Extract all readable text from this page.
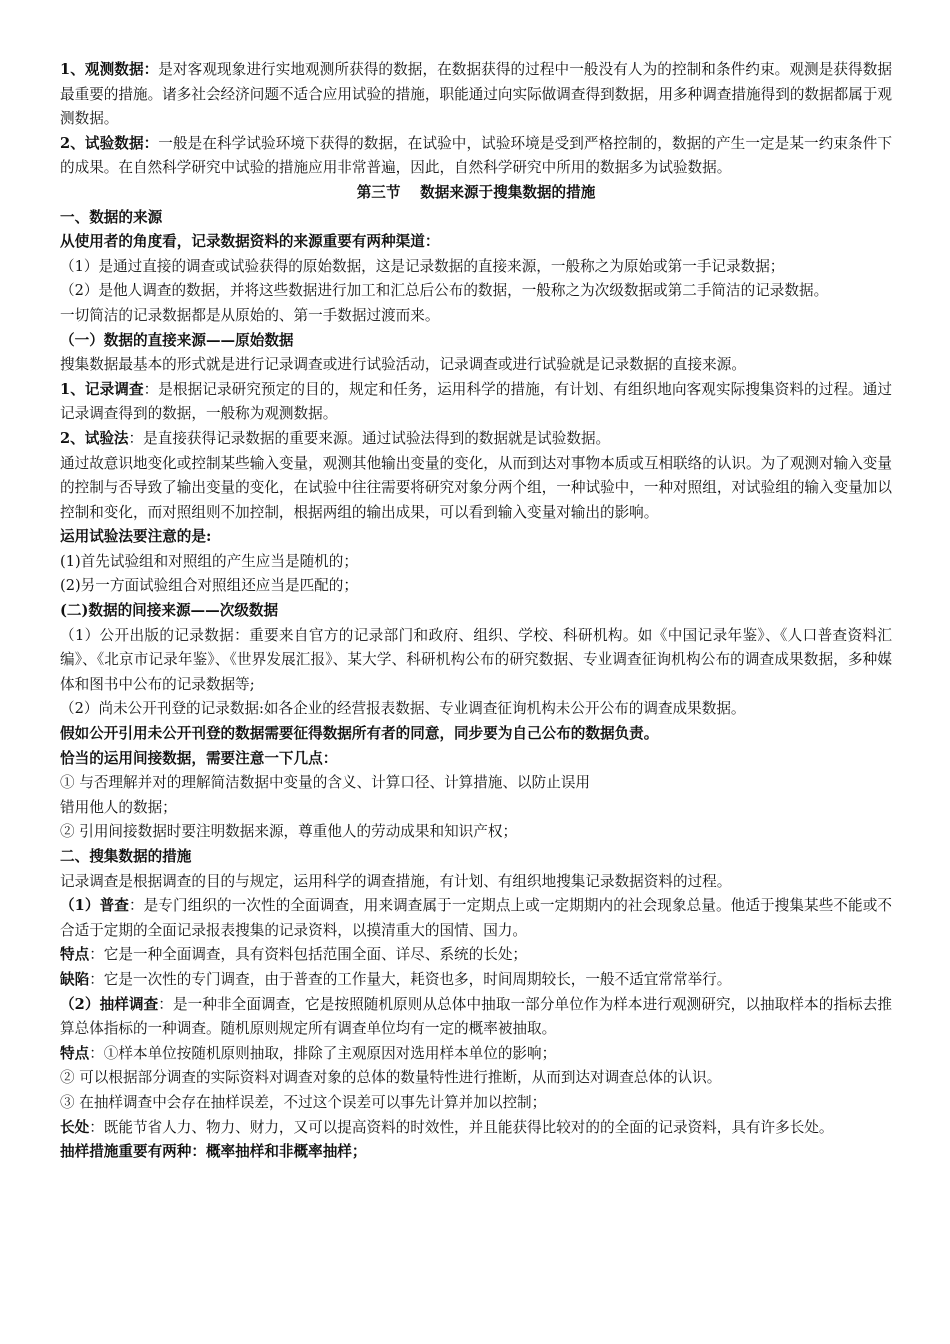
1、观测数据：是对客观现象进行实地观测所获得的数据，在数据获得的过程中一般没有人为的控制和条件约束。观测是获得数据最重要的措施。诸多社会经济问题不适合应用试验的措施，职能通过向实际做调查得到数据，用多种调查措施得到的数据都属于观测数据。

2、试验数据：一般是在科学试验环境下获得的数据，在试验中，试验环境是受到严格控制的，数据的产生一定是某一约束条件下的成果。在自然科学研究中试验的措施应用非常普遍，因此，自然科学研究中所用的数据多为试验数据。

第三节　 数据来源于搜集数据的措施

一、数据的来源

从使用者的角度看，记录数据资料的来源重要有两种渠道：

（1）是通过直接的调查或试验获得的原始数据，这是记录数据的直接来源，一般称之为原始或第一手记录数据；

（2）是他人调查的数据，并将这些数据进行加工和汇总后公布的数据，一般称之为次级数据或第二手简洁的记录数据。

一切简洁的记录数据都是从原始的、第一手数据过渡而来。

（一）数据的直接来源——原始数据

搜集数据最基本的形式就是进行记录调查或进行试验活动，记录调查或进行试验就是记录数据的直接来源。

1、记录调查：是根据记录研究预定的目的，规定和任务，运用科学的措施，有计划、有组织地向客观实际搜集资料的过程。通过记录调查得到的数据，一般称为观测数据。

2、试验法：是直接获得记录数据的重要来源。通过试验法得到的数据就是试验数据。

通过故意识地变化或控制某些输入变量，观测其他输出变量的变化，从而到达对事物本质或互相联络的认识。为了观测对输入变量的控制与否导致了输出变量的变化，在试验中往往需要将研究对象分两个组，一种试验中，一种对照组，对试验组的输入变量加以控制和变化，而对照组则不加控制，根据两组的输出成果，可以看到输入变量对输出的影响。

运用试验法要注意的是:

(1)首先试验组和对照组的产生应当是随机的；

(2)另一方面试验组合对照组还应当是匹配的；

(二)数据的间接来源——次级数据

（1）公开出版的记录数据：重要来自官方的记录部门和政府、组织、学校、科研机构。如《中国记录年鉴》、《人口普查资料汇编》、《北京市记录年鉴》、《世界发展汇报》、某大学、科研机构公布的研究数据、专业调查征询机构公布的调查成果数据，多种媒体和图书中公布的记录数据等;

（2）尚未公开刊登的记录数据:如各企业的经营报表数据、专业调查征询机构未公开公布的调查成果数据。

假如公开引用未公开刊登的数据需要征得数据所有者的同意，同步要为自己公布的数据负责。

恰当的运用间接数据，需要注意一下几点：

① 与否理解并对的理解简洁数据中变量的含义、计算口径、计算措施、以防止误用

错用他人的数据；

② 引用间接数据时要注明数据来源，尊重他人的劳动成果和知识产权；

二、搜集数据的措施

记录调查是根据调查的目的与规定，运用科学的调查措施，有计划、有组织地搜集记录数据资料的过程。

（1）普查：是专门组织的一次性的全面调查，用来调查属于一定期点上或一定期期内的社会现象总量。他适于搜集某些不能或不合适于定期的全面记录报表搜集的记录资料，以摸清重大的国情、国力。

特点：它是一种全面调查，具有资料包括范围全面、详尽、系统的长处；

缺陷：它是一次性的专门调查，由于普查的工作量大，耗资也多，时间周期较长，一般不适宜常常举行。

（2）抽样调查：是一种非全面调查，它是按照随机原则从总体中抽取一部分单位作为样本进行观测研究，以抽取样本的指标去推算总体指标的一种调查。随机原则规定所有调查单位均有一定的概率被抽取。

特点：①样本单位按随机原则抽取，排除了主观原因对选用样本单位的影响；

② 可以根据部分调查的实际资料对调查对象的总体的数量特性进行推断，从而到达对调查总体的认识。

③ 在抽样调查中会存在抽样误差，不过这个误差可以事先计算并加以控制；

长处：既能节省人力、物力、财力，又可以提高资料的时效性，并且能获得比较对的的全面的记录资料，具有许多长处。

抽样措施重要有两种：概率抽样和非概率抽样；
